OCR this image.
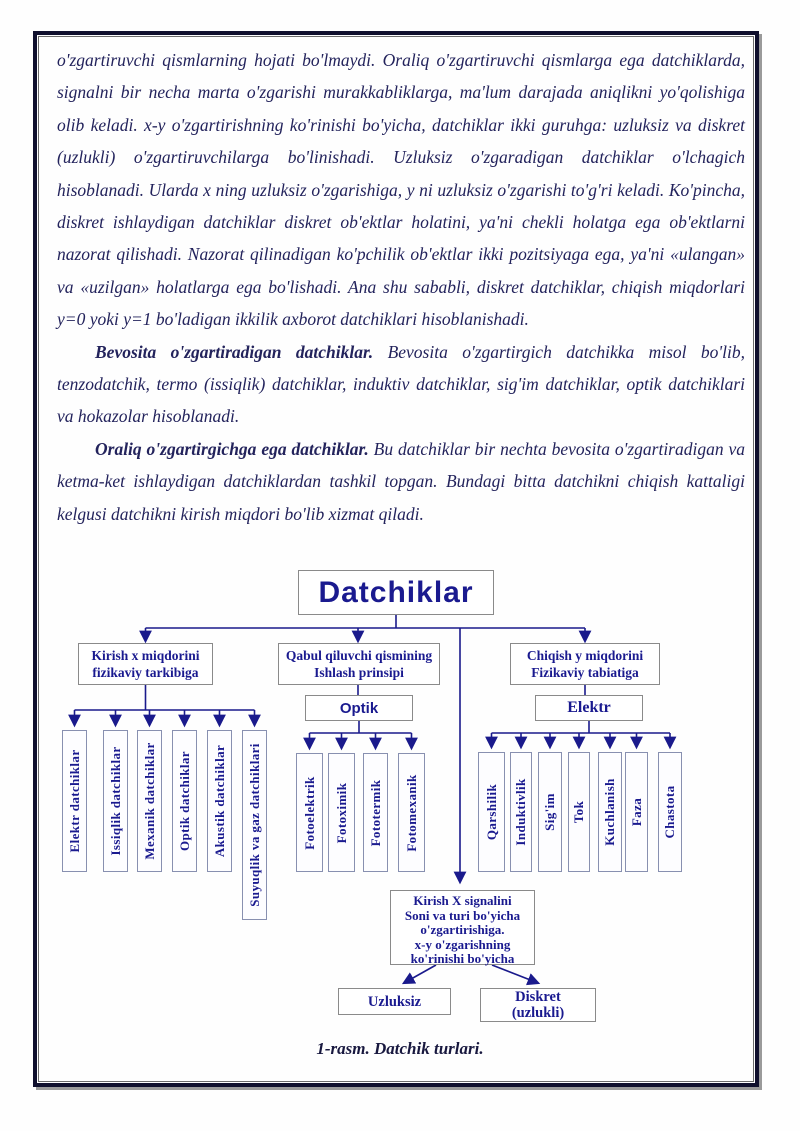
o'zgartiruvchi qismlarning hojati bo'lmaydi. Oraliq o'zgartiruvchi qismlarga ega datchiklarda, signalni bir necha marta o'zgarishi murakkabliklarga, ma'lum darajada aniqlikni yo'qolishiga olib keladi. x-y o'zgartirishning ko'rinishi bo'yicha, datchiklar ikki guruhga: uzluksiz va diskret (uzlukli) o'zgartiruvchilarga bo'linishadi. Uzluksiz o'zgaradigan datchiklar o'lchagich hisoblanadi. Ularda x ning uzluksiz o'zgarishiga, y ni uzluksiz o'zgarishi to'g'ri keladi. Ko'pincha, diskret ishlaydigan datchiklar diskret ob'ektlar holatini, ya'ni chekli holatga ega ob'ektlarni nazorat qilishadi. Nazorat qilinadigan ko'pchilik ob'ektlar ikki pozitsiyaga ega, ya'ni «ulangan» va «uzilgan» holatlarga ega bo'lishadi. Ana shu sababli, diskret datchiklar, chiqish miqdorlari y=0 yoki y=1 bo'ladigan ikkilik axborot datchiklari hisoblanishadi.

Bevosita o'zgartiradigan datchiklar. Bevosita o'zgartirgich datchikka misol bo'lib, tenzodatchik, termo (issiqlik) datchiklar, induktiv datchiklar, sig'im datchiklar, optik datchiklari va hokazolar hisoblanadi.

Oraliq o'zgartirgichga ega datchiklar. Bu datchiklar bir nechta bevosita o'zgartiradigan va ketma-ket ishlaydigan datchiklardan tashkil topgan. Bundagi bitta datchikni chiqish kattaligi kelgusi datchikni kirish miqdori bo'lib xizmat qiladi.

Datchiklar
Kirish x miqdorini
fizikaviy tarkibiga
Qabul qiluvchi qismining
Ishlash prinsipi
Chiqish y miqdorini
Fizikaviy tabiatiga
Optik	Elektr
Elektr datchiklar Issiqlik datchiklar Mexanik datchiklar Optik datchiklar Akustik datchiklar Suyuqlik va gaz datchiklari	Fotoelektrik Fotoximik Fototermik Fotomexanik	Qarshilik Induktivlik Sig'im Tok Kuchlanish Faza Chastota
Kirish X signalini
Soni va turi bo'yicha
o'zgartirishiga.
x-y o'zgarishning
ko'rinishi bo'yicha
Uzluksiz	Diskret
(uzlukli)
1-rasm. Datchik turlari.
